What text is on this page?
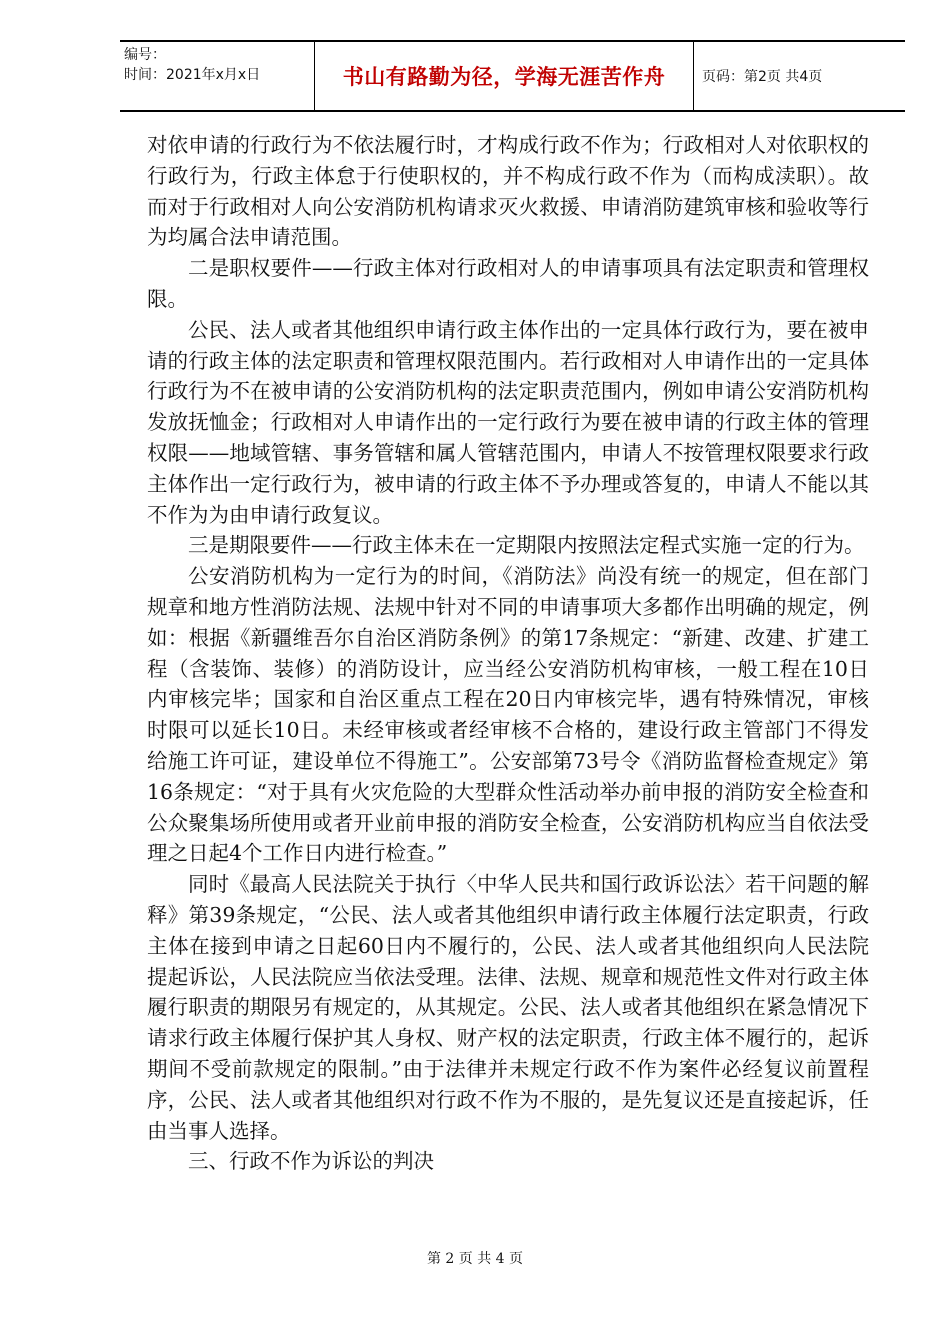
编号：
时间：2021年x月x日	书山有路勤为径，学海无涯苦作舟	页码：第2页 共4页

对依申请的行政行为不依法履行时，才构成行政不作为；行政相对人对依职权的行政行为，行政主体怠于行使职权的，并不构成行政不作为（而构成渎职）。故而对于行政相对人向公安消防机构请求灭火救援、申请消防建筑审核和验收等行为均属合法申请范围。

二是职权要件——行政主体对行政相对人的申请事项具有法定职责和管理权限。

公民、法人或者其他组织申请行政主体作出的一定具体行政行为，要在被申请的行政主体的法定职责和管理权限范围内。若行政相对人申请作出的一定具体行政行为不在被申请的公安消防机构的法定职责范围内，例如申请公安消防机构发放抚恤金；行政相对人申请作出的一定行政行为要在被申请的行政主体的管理权限——地域管辖、事务管辖和属人管辖范围内，申请人不按管理权限要求行政主体作出一定行政行为，被申请的行政主体不予办理或答复的，申请人不能以其不作为为由申请行政复议。

三是期限要件——行政主体未在一定期限内按照法定程式实施一定的行为。

公安消防机构为一定行为的时间，《消防法》尚没有统一的规定，但在部门规章和地方性消防法规、法规中针对不同的申请事项大多都作出明确的规定，例如：根据《新疆维吾尔自治区消防条例》的第17条规定：“新建、改建、扩建工程（含装饰、装修）的消防设计，应当经公安消防机构审核，一般工程在10日内审核完毕；国家和自治区重点工程在20日内审核完毕，遇有特殊情况，审核时限可以延长10日。未经审核或者经审核不合格的，建设行政主管部门不得发给施工许可证，建设单位不得施工”。公安部第73号令《消防监督检查规定》第16条规定：“对于具有火灾危险的大型群众性活动举办前申报的消防安全检查和公众聚集场所使用或者开业前申报的消防安全检查，公安消防机构应当自依法受理之日起4个工作日内进行检查。”

同时《最高人民法院关于执行〈中华人民共和国行政诉讼法〉若干问题的解释》第39条规定，“公民、法人或者其他组织申请行政主体履行法定职责，行政主体在接到申请之日起60日内不履行的，公民、法人或者其他组织向人民法院提起诉讼，人民法院应当依法受理。法律、法规、规章和规范性文件对行政主体履行职责的期限另有规定的，从其规定。公民、法人或者其他组织在紧急情况下请求行政主体履行保护其人身权、财产权的法定职责，行政主体不履行的，起诉期间不受前款规定的限制。”由于法律并未规定行政不作为案件必经复议前置程序，公民、法人或者其他组织对行政不作为不服的，是先复议还是直接起诉，任由当事人选择。

三、行政不作为诉讼的判决

第 2 页 共 4 页
